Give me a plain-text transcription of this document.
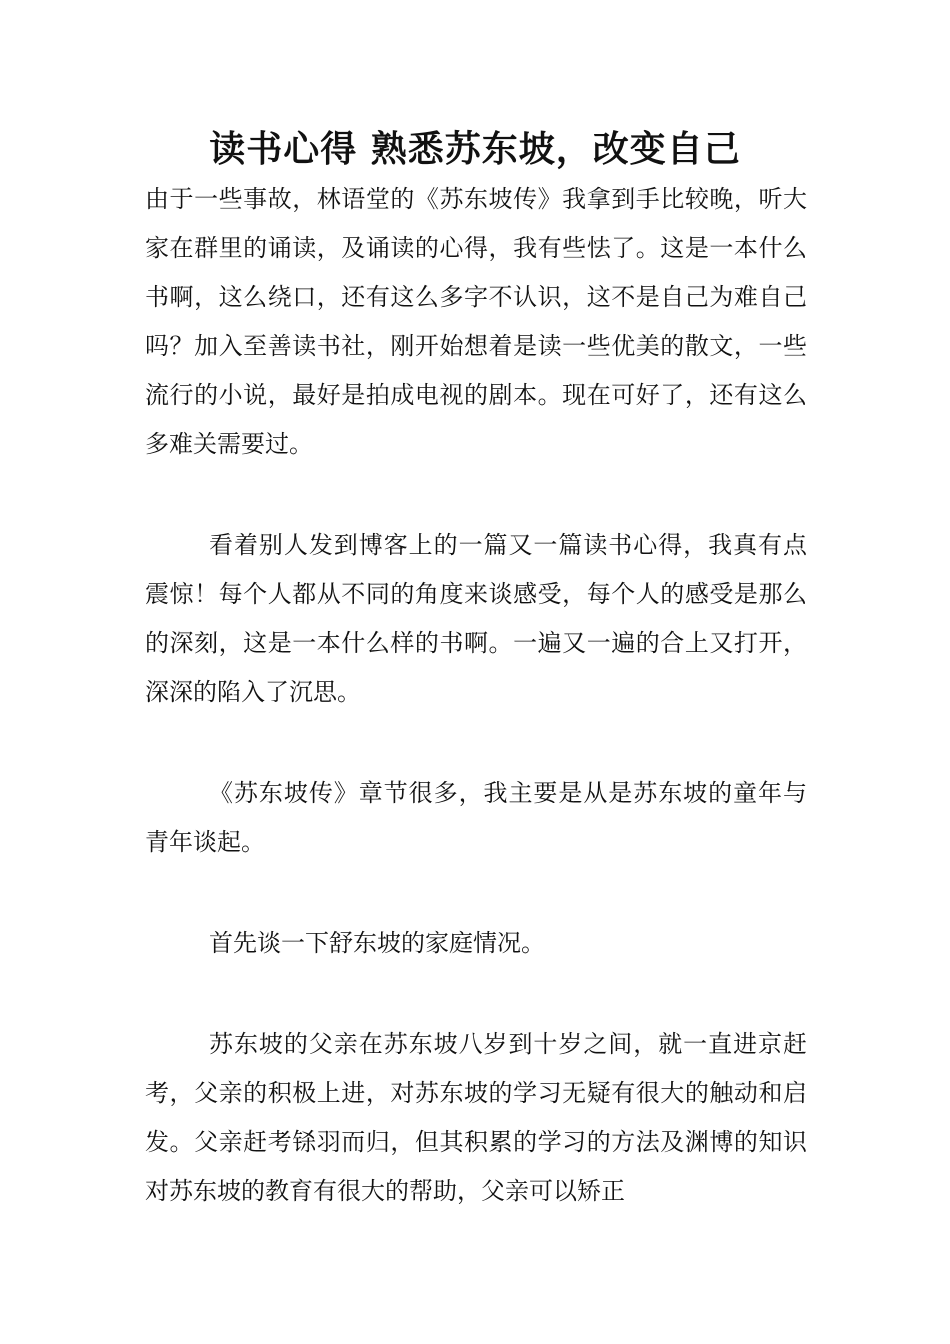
读书心得 熟悉苏东坡，改变自己

由于一些事故，林语堂的《苏东坡传》我拿到手比较晚，听大家在群里的诵读，及诵读的心得，我有些怯了。这是一本什么书啊，这么绕口，还有这么多字不认识，这不是自己为难自己吗？加入至善读书社，刚开始想着是读一些优美的散文，一些流行的小说，最好是拍成电视的剧本。现在可好了，还有这么多难关需要过。

看着别人发到博客上的一篇又一篇读书心得，我真有点震惊！每个人都从不同的角度来谈感受，每个人的感受是那么的深刻，这是一本什么样的书啊。一遍又一遍的合上又打开，深深的陷入了沉思。

《苏东坡传》章节很多，我主要是从是苏东坡的童年与青年谈起。

首先谈一下舒东坡的家庭情况。

苏东坡的父亲在苏东坡八岁到十岁之间，就一直进京赶考，父亲的积极上进，对苏东坡的学习无疑有很大的触动和启发。父亲赶考铩羽而归，但其积累的学习的方法及渊博的知识对苏东坡的教育有很大的帮助，父亲可以矫正
